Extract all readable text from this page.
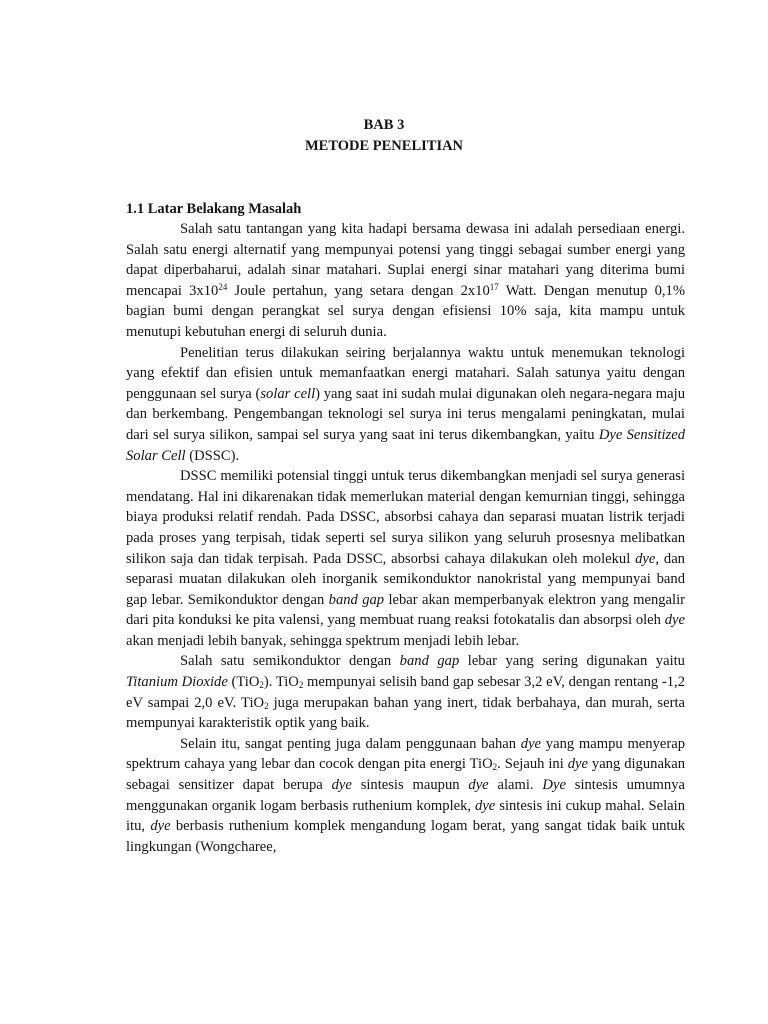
BAB 3
METODE PENELITIAN
1.1 Latar Belakang Masalah

Salah satu tantangan yang kita hadapi bersama dewasa ini adalah persediaan energi. Salah satu energi alternatif yang mempunyai potensi yang tinggi sebagai sumber energi yang dapat diperbaharui, adalah sinar matahari. Suplai energi sinar matahari yang diterima bumi mencapai $3x10^{24}$ Joule pertahun, yang setara dengan $2x10^{17}$ Watt. Dengan menutup 0,1% bagian bumi dengan perangkat sel surya dengan efisiensi 10% saja, kita mampu untuk menutupi kebutuhan energi di seluruh dunia.

Penelitian terus dilakukan seiring berjalannya waktu untuk menemukan teknologi yang efektif dan efisien untuk memanfaatkan energi matahari. Salah satunya yaitu dengan penggunaan sel surya (solar cell) yang saat ini sudah mulai digunakan oleh negara-negara maju dan berkembang. Pengembangan teknologi sel surya ini terus mengalami peningkatan, mulai dari sel surya silikon, sampai sel surya yang saat ini terus dikembangkan, yaitu Dye Sensitized Solar Cell (DSSC).

DSSC memiliki potensial tinggi untuk terus dikembangkan menjadi sel surya generasi mendatang. Hal ini dikarenakan tidak memerlukan material dengan kemurnian tinggi, sehingga biaya produksi relatif rendah. Pada DSSC, absorbsi cahaya dan separasi muatan listrik terjadi pada proses yang terpisah, tidak seperti sel surya silikon yang seluruh prosesnya melibatkan silikon saja dan tidak terpisah. Pada DSSC, absorbsi cahaya dilakukan oleh molekul dye, dan separasi muatan dilakukan oleh inorganik semikonduktor nanokristal yang mempunyai band gap lebar. Semikonduktor dengan band gap lebar akan memperbanyak elektron yang mengalir dari pita konduksi ke pita valensi, yang membuat ruang reaksi fotokatalis dan absorpsi oleh dye akan menjadi lebih banyak, sehingga spektrum menjadi lebih lebar.

Salah satu semikonduktor dengan band gap lebar yang sering digunakan yaitu Titanium Dioxide (TiO$_2$). TiO$_2$ mempunyai selisih band gap sebesar 3,2 eV, dengan rentang -1,2 eV sampai 2,0 eV. TiO$_2$ juga merupakan bahan yang inert, tidak berbahaya, dan murah, serta mempunyai karakteristik optik yang baik.

Selain itu, sangat penting juga dalam penggunaan bahan dye yang mampu menyerap spektrum cahaya yang lebar dan cocok dengan pita energi TiO$_2$. Sejauh ini dye yang digunakan sebagai sensitizer dapat berupa dye sintesis maupun dye alami. Dye sintesis umumnya menggunakan organik logam berbasis ruthenium komplek, dye sintesis ini cukup mahal. Selain itu, dye berbasis ruthenium komplek mengandung logam berat, yang sangat tidak baik untuk lingkungan (Wongcharee,
